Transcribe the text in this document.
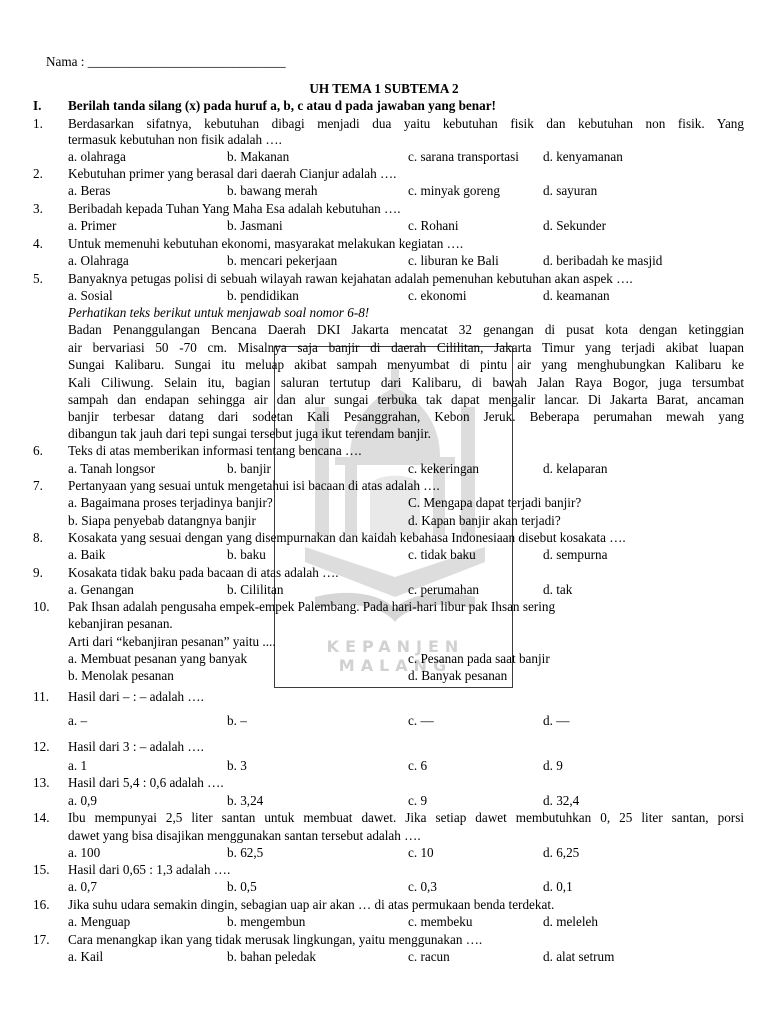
KEPANJEN MALANG
Nama : ______________________________
UH TEMA 1 SUBTEMA 2
I. Berilah tanda silang (x) pada huruf a, b, c atau d pada jawaban yang benar!
1. Berdasarkan sifatnya, kebutuhan dibagi menjadi dua yaitu kebutuhan fisik dan kebutuhan non fisik. Yang
termasuk kebutuhan non fisik adalah ….
a. olahraga	b. Makanan	c. sarana transportasi d. kenyamanan
2. Kebutuhan primer yang berasal dari daerah Cianjur adalah ….
a. Beras	b. bawang merah	c. minyak goreng	d. sayuran
3. Beribadah kepada Tuhan Yang Maha Esa adalah kebutuhan ….
a. Primer	b. Jasmani	c. Rohani	d. Sekunder
4. Untuk memenuhi kebutuhan ekonomi, masyarakat melakukan kegiatan ….
a. Olahraga	b. mencari pekerjaan	c. liburan ke Bali	d. beribadah ke masjid
5. Banyaknya petugas polisi di sebuah wilayah rawan kejahatan adalah pemenuhan kebutuhan akan aspek ….
a. Sosial	b. pendidikan	c. ekonomi	d. keamanan
Perhatikan teks berikut untuk menjawab soal nomor 6-8!
Badan Penanggulangan Bencana Daerah DKI Jakarta mencatat 32 genangan di pusat kota dengan ketinggian
air bervariasi 50 -70 cm. Misalnya saja banjir di daerah Cililitan, Jakarta Timur yang terjadi akibat luapan
Sungai Kalibaru. Sungai itu meluap akibat sampah menyumbat di pintu air yang menghubungkan Kalibaru ke
Kali Ciliwung. Selain itu, bagian saluran tertutup dari Kalibaru, di bawah Jalan Raya Bogor, juga tersumbat
sampah dan endapan sehingga air dan alur sungai terbuka tak dapat mengalir lancar. Di Jakarta Barat, ancaman
banjir terbesar datang dari sodetan Kali Pesanggrahan, Kebon Jeruk. Beberapa perumahan mewah yang
dibangun tak jauh dari tepi sungai tersebut juga ikut terendam banjir.
6. Teks di atas memberikan informasi tentang bencana ….
a. Tanah longsor	b. banjir	c. kekeringan	d. kelaparan
7. Pertanyaan yang sesuai untuk mengetahui isi bacaan di atas adalah ….
a. Bagaimana proses terjadinya banjir?	C. Mengapa dapat terjadi banjir?
b. Siapa penyebab datangnya banjir	d. Kapan banjir akan terjadi?
8. Kosakata yang sesuai dengan yang disempurnakan dan kaidah kebahasa Indonesiaan disebut kosakata ….
a. Baik	b. baku	c. tidak baku	d. sempurna
9. Kosakata tidak baku pada bacaan di atas adalah ….
a. Genangan	b. Cililitan	c. perumahan	d. tak
10. Pak Ihsan adalah pengusaha empek-empek Palembang. Pada hari-hari libur pak Ihsan sering
kebanjiran pesanan.
Arti dari “kebanjiran pesanan” yaitu ....
a. Membuat pesanan yang banyak	c. Pesanan pada saat banjir
b. Menolak pesanan	d. Banyak pesanan
11. Hasil dari – : – adalah ….
a. –	b. –	c. —	d. —
12. Hasil dari 3 : – adalah ….
a. 1	b. 3	c. 6	d. 9
13. Hasil dari 5,4 : 0,6 adalah ….
a. 0,9	b. 3,24	c. 9	d. 32,4
14. Ibu mempunyai 2,5 liter santan untuk membuat dawet. Jika setiap dawet membutuhkan 0, 25 liter santan, porsi
dawet yang bisa disajikan menggunakan santan tersebut adalah ….
a. 100	b. 62,5	c. 10	d. 6,25
15. Hasil dari 0,65 : 1,3 adalah ….
a. 0,7	b. 0,5	c. 0,3	d. 0,1
16. Jika suhu udara semakin dingin, sebagian uap air akan … di atas permukaan benda terdekat.
a. Menguap	b. mengembun	c. membeku	d. meleleh
17. Cara menangkap ikan yang tidak merusak lingkungan, yaitu menggunakan ….
a. Kail	b. bahan peledak	c. racun	d. alat setrum
